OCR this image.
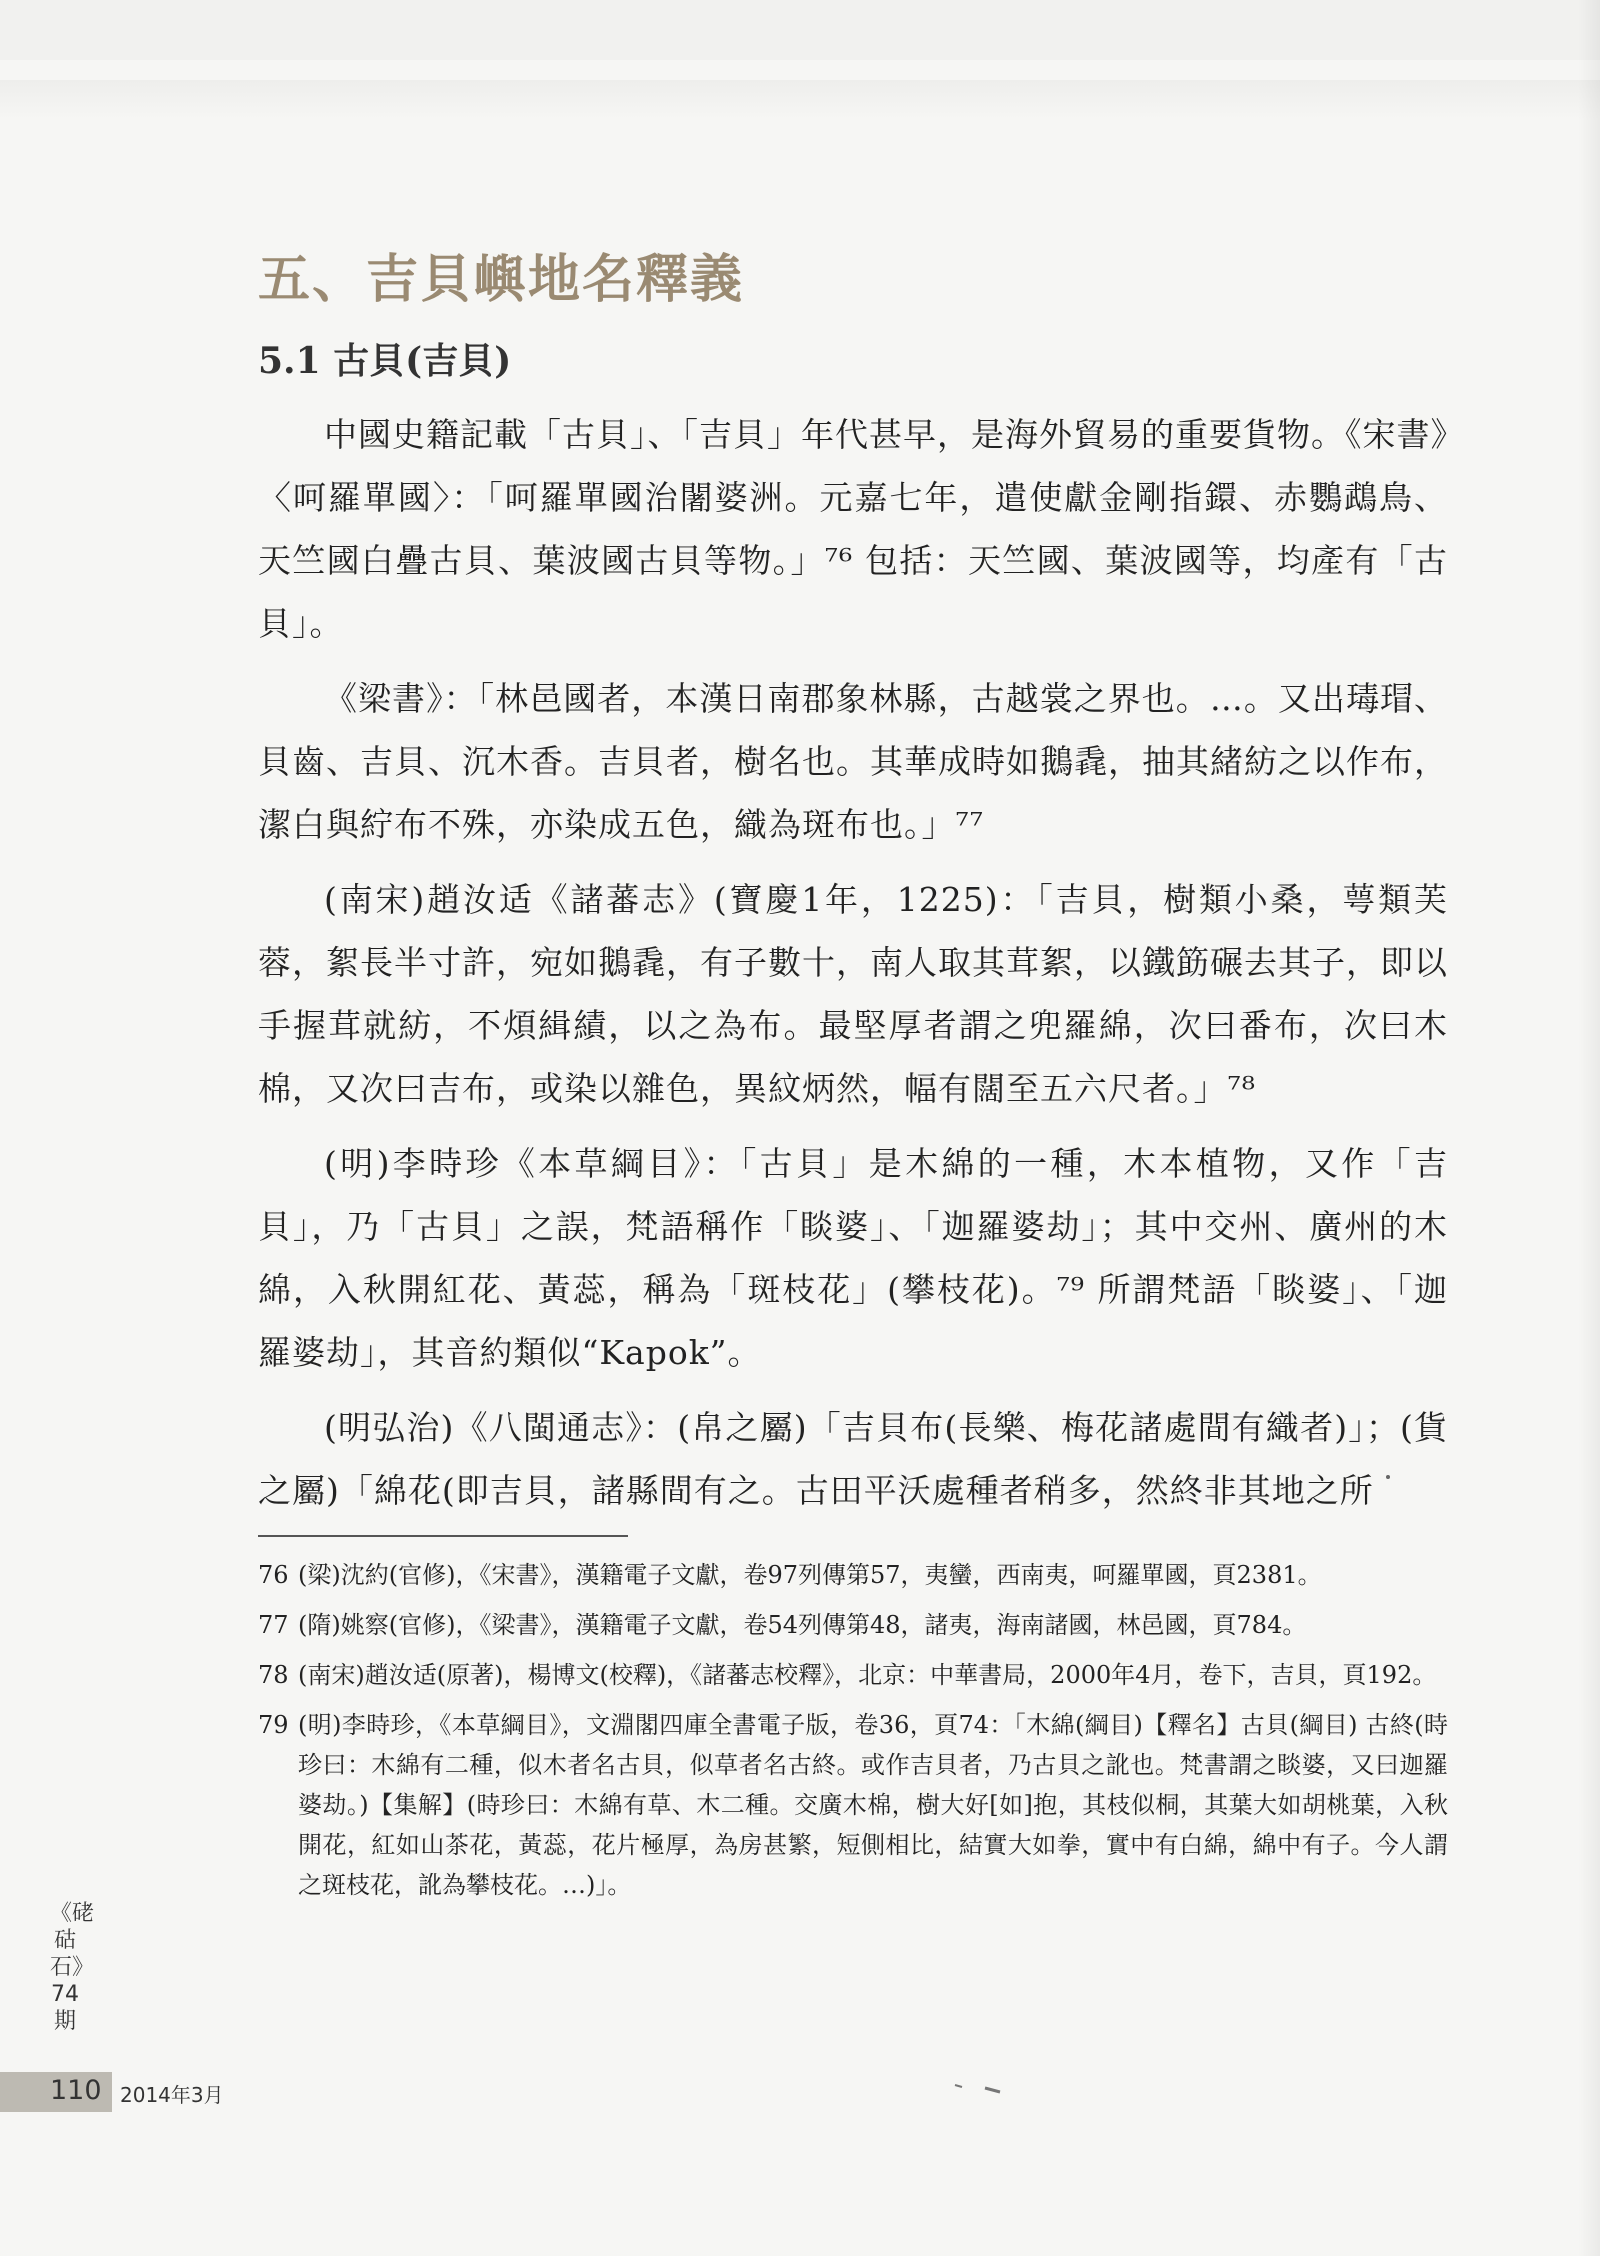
五、吉貝嶼地名釋義
5.1 古貝(吉貝)

中國史籍記載「古貝」、「吉貝」年代甚早，是海外貿易的重要貨物。《宋書》〈呵羅單國〉：「呵羅單國治闍婆洲。元嘉七年，遣使獻金剛指鐶、赤鸚鵡鳥、天竺國白疊古貝、葉波國古貝等物。」⁷⁶ 包括：天竺國、葉波國等，均產有「古貝」。

《梁書》：「林邑國者，本漢日南郡象林縣，古越裳之界也。…。又出瑇瑁、貝齒、吉貝、沉木香。吉貝者，樹名也。其華成時如鵝毳，抽其緒紡之以作布，潔白與紵布不殊，亦染成五色，織為斑布也。」⁷⁷

(南宋)趙汝适《諸蕃志》(寶慶1年，1225)：「吉貝，樹類小桑，萼類芙蓉，絮長半寸許，宛如鵝毳，有子數十，南人取其茸絮，以鐵筯碾去其子，即以手握茸就紡，不煩緝績，以之為布。最堅厚者謂之兜羅綿，次曰番布，次曰木棉，又次曰吉布，或染以雜色，異紋炳然，幅有闊至五六尺者。」⁷⁸

(明)李時珍《本草綱目》：「古貝」是木綿的一種，木本植物，又作「吉貝」，乃「古貝」之誤，梵語稱作「睒婆」、「迦羅婆劫」；其中交州、廣州的木綿，入秋開紅花、黃蕊，稱為「斑枝花」(攀枝花)。⁷⁹ 所謂梵語「睒婆」、「迦羅婆劫」，其音約類似“Kapok”。

(明弘治)《八閩通志》：(帛之屬)「吉貝布(長樂、梅花諸處間有織者)」；(貨之屬)「綿花(即吉貝，諸縣間有之。古田平沃處種者稍多，然終非其地之所

76 (梁)沈約(官修)，《宋書》，漢籍電子文獻，卷97列傳第57，夷蠻，西南夷，呵羅單國，頁2381。
77 (隋)姚察(官修)，《梁書》，漢籍電子文獻，卷54列傳第48，諸夷，海南諸國，林邑國，頁784。
78 (南宋)趙汝适(原著)，楊博文(校釋)，《諸蕃志校釋》，北京：中華書局，2000年4月，卷下，吉貝，頁192。
79 (明)李時珍，《本草綱目》，文淵閣四庫全書電子版，卷36，頁74：「木綿(綱目)【釋名】古貝(綱目) 古終(時珍曰：木綿有二種，似木者名古貝，似草者名古終。或作吉貝者，乃古貝之訛也。梵書謂之睒婆，又曰迦羅婆劫。)【集解】(時珍曰：木綿有草、木二種。交廣木棉，樹大好[如]抱，其枝似桐，其葉大如胡桃葉，入秋開花，紅如山茶花，黃蕊，花片極厚，為房甚繁，短側相比，結實大如拳，實中有白綿，綿中有子。今人謂之斑枝花，訛為攀枝花。…)」。
《硓𥑮石》74期
110 2014年3月
